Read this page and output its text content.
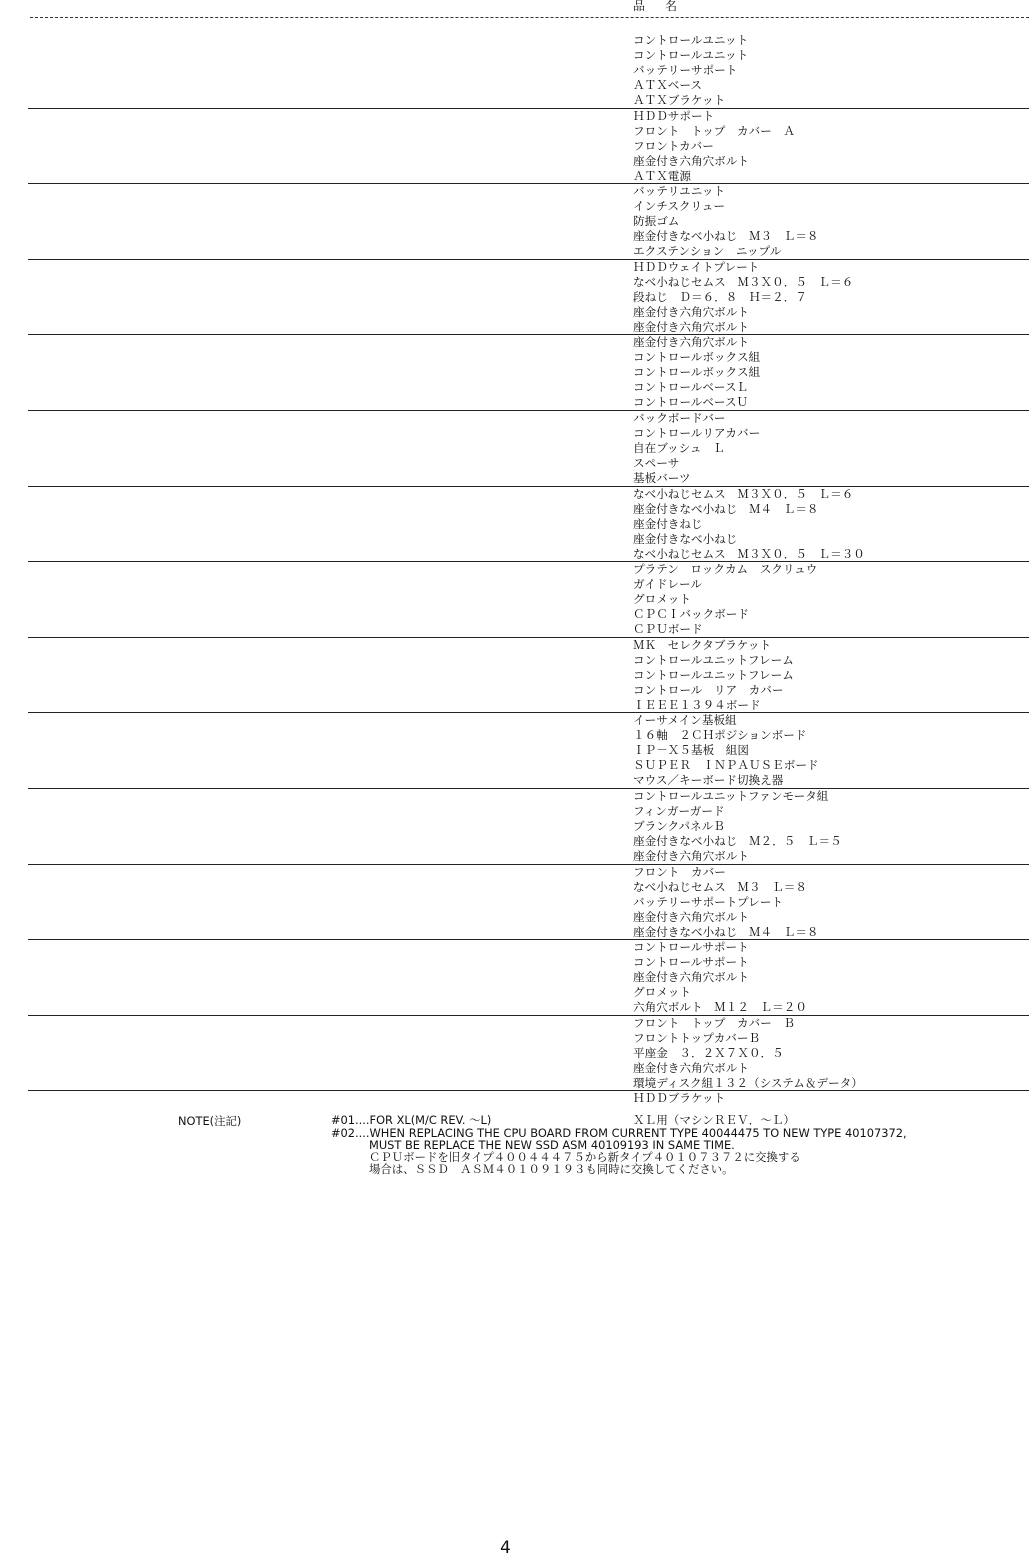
品　名
コントロールユニット
コントロールユニット
バッテリーサポート
ＡＴＸベース
ＡＴＸブラケット
ＨＤＤサポート
フロント　トップ　カバー　Ａ
フロントカバー
座金付き六角穴ボルト
ＡＴＸ電源
バッテリユニット
インチスクリュー
防振ゴム
座金付きなべ小ねじ　Ｍ３　Ｌ＝８
エクステンション　ニップル
ＨＤＤウェイトプレート
なべ小ねじセムス　Ｍ３Ｘ０．５　Ｌ＝６
段ねじ　Ｄ＝６．８　Ｈ＝２．７
座金付き六角穴ボルト
座金付き六角穴ボルト
座金付き六角穴ボルト
コントロールボックス組
コントロールボックス組
コントロールベースＬ
コントロールベースＵ
バックボードバー
コントロールリアカバー
自在ブッシュ　Ｌ
スペーサ
基板バーツ
なべ小ねじセムス　Ｍ３Ｘ０．５　Ｌ＝６
座金付きなべ小ねじ　Ｍ４　Ｌ＝８
座金付きねじ
座金付きなべ小ねじ
なべ小ねじセムス　Ｍ３Ｘ０．５　Ｌ＝３０
プラテン　ロックカム　スクリュウ
ガイドレール
グロメット
ＣＰＣＩバックボード
ＣＰＵボード
ＭＫ　セレクタブラケット
コントロールユニットフレーム
コントロールユニットフレーム
コントロール　リア　カバー
ＩＥＥＥ１３９４ボード
イーサメイン基板組
１６軸　２ＣＨポジションボード
ＩＰ－Ｘ５基板　組図
ＳＵＰＥＲ　ＩＮＰＡＵＳＥボード
マウス／キーボード切換え器
コントロールユニットファンモータ組
フィンガーガード
ブランクパネルＢ
座金付きなべ小ねじ　Ｍ２．５　Ｌ＝５
座金付き六角穴ボルト
フロント　カバー
なべ小ねじセムス　Ｍ３　Ｌ＝８
バッテリーサポートプレート
座金付き六角穴ボルト
座金付きなべ小ねじ　Ｍ４　Ｌ＝８
コントロールサポート
コントロールサポート
座金付き六角穴ボルト
グロメット
六角穴ボルト　Ｍ１２　Ｌ＝２０
フロント　トップ　カバー　Ｂ
フロントトップカバーＢ
平座金　３．２Ｘ７Ｘ０．５
座金付き六角穴ボルト
環境ディスク組１３２（システム＆データ）
ＨＤＤブラケット
NOTE(注記)	#01....FOR XL(M/C REV. ～L)
#02....WHEN REPLACING THE CPU BOARD FROM CURRENT TYPE 40044475 TO NEW TYPE 40107372,
MUST BE REPLACE THE NEW SSD ASM 40109193 IN SAME TIME.
ＣＰＵボードを旧タイプ４００４４４７５から新タイプ４０１０７３７２に交換する
場合は、ＳＳＤ　ＡＳＭ４０１０９１９３も同時に交換してください。
ＸＬ用（マシンＲＥＶ．～Ｌ）
4
